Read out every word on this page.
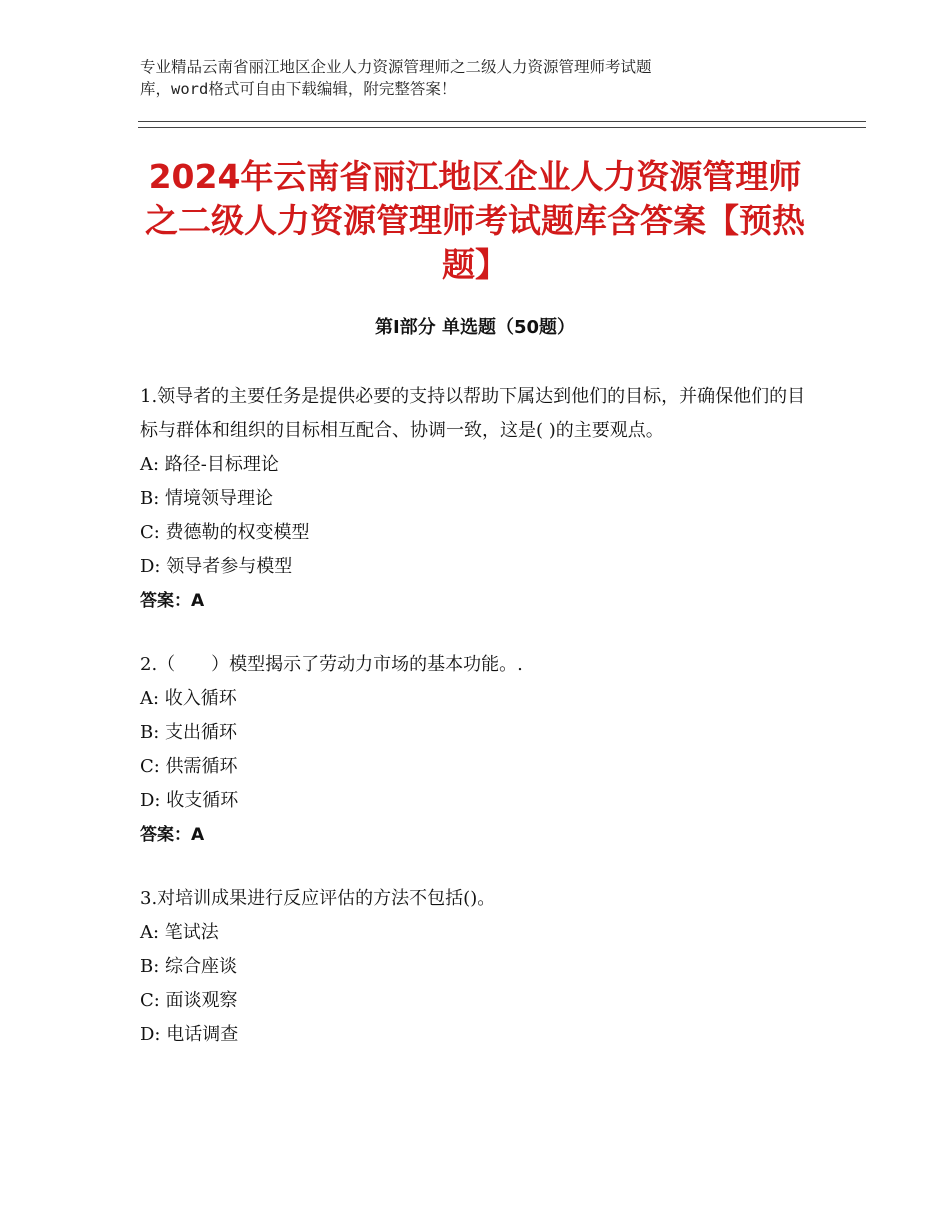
专业精品云南省丽江地区企业人力资源管理师之二级人力资源管理师考试题
库，word格式可自由下载编辑，附完整答案！
2024年云南省丽江地区企业人力资源管理师之二级人力资源管理师考试题库含答案【预热题】
第Ⅰ部分 单选题（50题）

1.领导者的主要任务是提供必要的支持以帮助下属达到他们的目标，并确保他们的目标与群体和组织的目标相互配合、协调一致，这是( )的主要观点。

A: 路径-目标理论

B: 情境领导理论

C: 费德勒的权变模型

D: 领导者参与模型

答案：A

2.（　　）模型揭示了劳动力市场的基本功能。.

A: 收入循环

B: 支出循环

C: 供需循环

D: 收支循环

答案：A

3.对培训成果进行反应评估的方法不包括()。

A: 笔试法

B: 综合座谈

C: 面谈观察

D: 电话调查
